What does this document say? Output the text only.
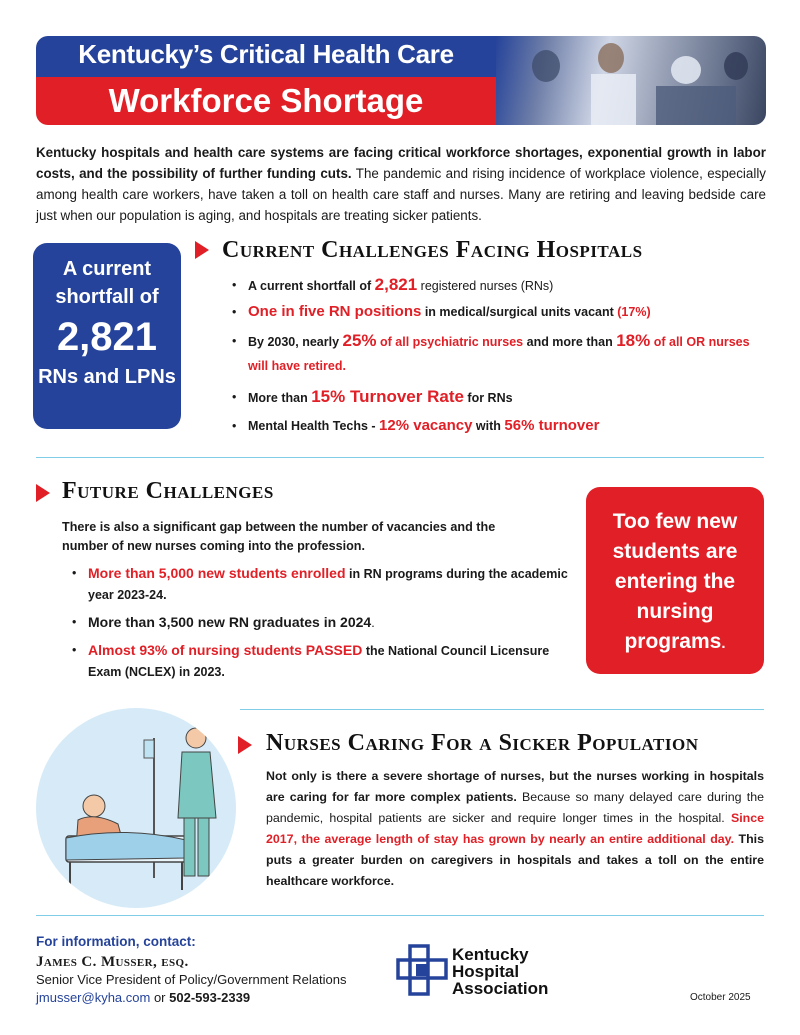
Kentucky’s Critical Health Care
Workforce Shortage

Kentucky hospitals and health care systems are facing critical workforce shortages, exponential growth in labor costs, and the possibility of further funding cuts. The pandemic and rising incidence of workplace violence, especially among health care workers, have taken a toll on health care staff and nurses. Many are retiring and leaving bedside care just when our population is aging, and hospitals are treating sicker patients.

A current shortfall of
2,821
RNs and LPNs
Current Challenges Facing Hospitals
• A current shortfall of 2,821 registered nurses (RNs)
• One in five RN positions in medical/surgical units vacant (17%)
• By 2030, nearly 25% of all psychiatric nurses and more than 18% of all OR nurses will have retired.
• More than 15% Turnover Rate for RNs
• Mental Health Techs - 12% vacancy with 56% turnover
Future Challenges

There is also a significant gap between the number of vacancies and the number of new nurses coming into the profession.

• More than 5,000 new students enrolled in RN programs during the academic year 2023-24.
• More than 3,500 new RN graduates in 2024.
• Almost 93% of nursing students PASSED the National Council Licensure Exam (NCLEX) in 2023.
Too few new students are entering the nursing programs.
Nurses Caring For a Sicker Population

Not only is there a severe shortage of nurses, but the nurses working in hospitals are caring for far more complex patients. Because so many delayed care during the pandemic, hospital patients are sicker and require longer times in the hospital. Since 2017, the average length of stay has grown by nearly an entire additional day. This puts a greater burden on caregivers in hospitals and takes a toll on the entire healthcare workforce.

For information, contact:
James C. Musser, esq.
Senior Vice President of Policy/Government Relations
jmusser@kyha.com or 502-593-2339
Kentucky
Hospital
Association	October 2025
